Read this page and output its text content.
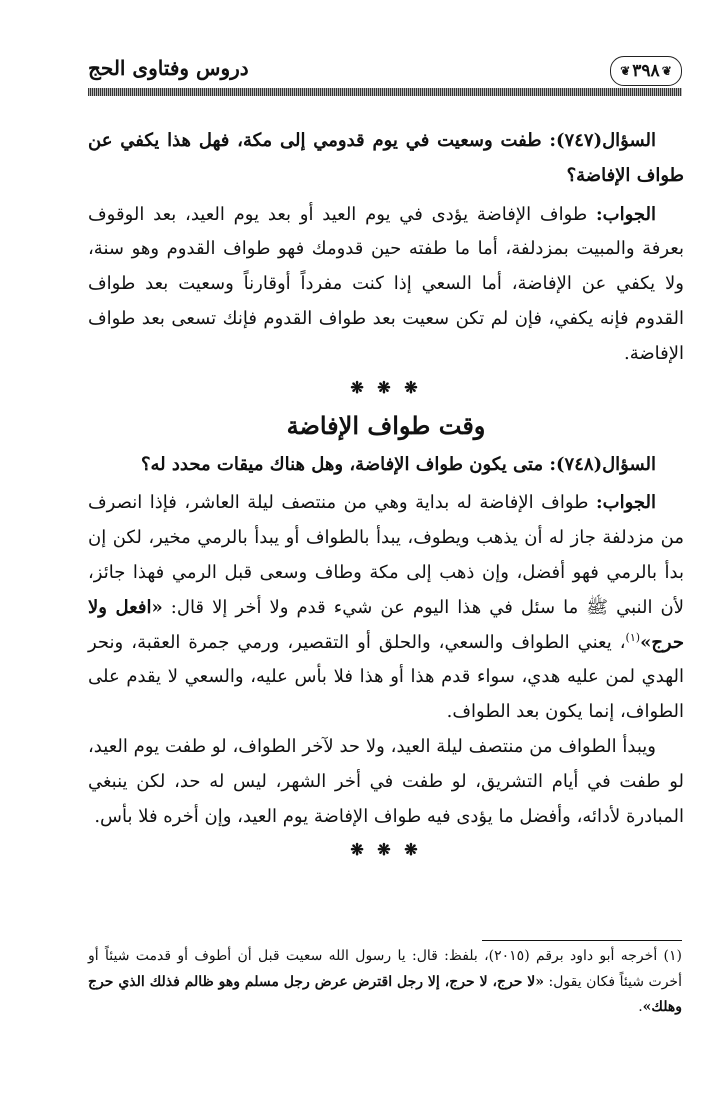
❦
٣٩٨
❦
دروس وفتاوى الحج

السؤال(٧٤٧): طفت وسعيت في يوم قدومي إلى مكة، فهل هذا يكفي عن طواف الإفاضة؟

الجواب: طواف الإفاضة يؤدى في يوم العيد أو بعد يوم العيد، بعد الوقوف بعرفة والمبيت بمزدلفة، أما ما طفته حين قدومك فهو طواف القدوم وهو سنة، ولا يكفي عن الإفاضة، أما السعي إذا كنت مفرداً أوقارناً وسعيت بعد طواف القدوم فإنه يكفي، فإن لم تكن سعيت بعد طواف القدوم فإنك تسعى بعد طواف الإفاضة.

❋ ❋ ❋

وقت طواف الإفاضة

السؤال(٧٤٨): متى يكون طواف الإفاضة، وهل هناك ميقات محدد له؟

الجواب: طواف الإفاضة له بداية وهي من منتصف ليلة العاشر، فإذا انصرف من مزدلفة جاز له أن يذهب ويطوف، يبدأ بالطواف أو يبدأ بالرمي مخير، لكن إن بدأ بالرمي فهو أفضل، وإن ذهب إلى مكة وطاف وسعى قبل الرمي فهذا جائز، لأن النبي ﷺ ما سئل في هذا اليوم عن شيء قدم ولا أخر إلا قال: «افعل ولا حرج»$^{(١)}$، يعني الطواف والسعي، والحلق أو التقصير، ورمي جمرة العقبة، ونحر الهدي لمن عليه هدي، سواء قدم هذا أو هذا فلا بأس عليه، والسعي لا يقدم على الطواف، إنما يكون بعد الطواف.

ويبدأ الطواف من منتصف ليلة العيد، ولا حد لآخر الطواف، لو طفت يوم العيد، لو طفت في أيام التشريق، لو طفت في أخر الشهر، ليس له حد، لكن ينبغي المبادرة لأدائه، وأفضل ما يؤدى فيه طواف الإفاضة يوم العيد، وإن أخره فلا بأس.

❋ ❋ ❋

(١) أخرجه أبو داود برقم (٢٠١٥)، بلفظ: قال: يا رسول الله سعيت قبل أن أطوف أو قدمت شيئاً أو أخرت شيئاً فكان يقول: «لا حرج، لا حرج، إلا رجل اقترض عرض رجل مسلم وهو ظالم فذلك الذي حرج وهلك».
